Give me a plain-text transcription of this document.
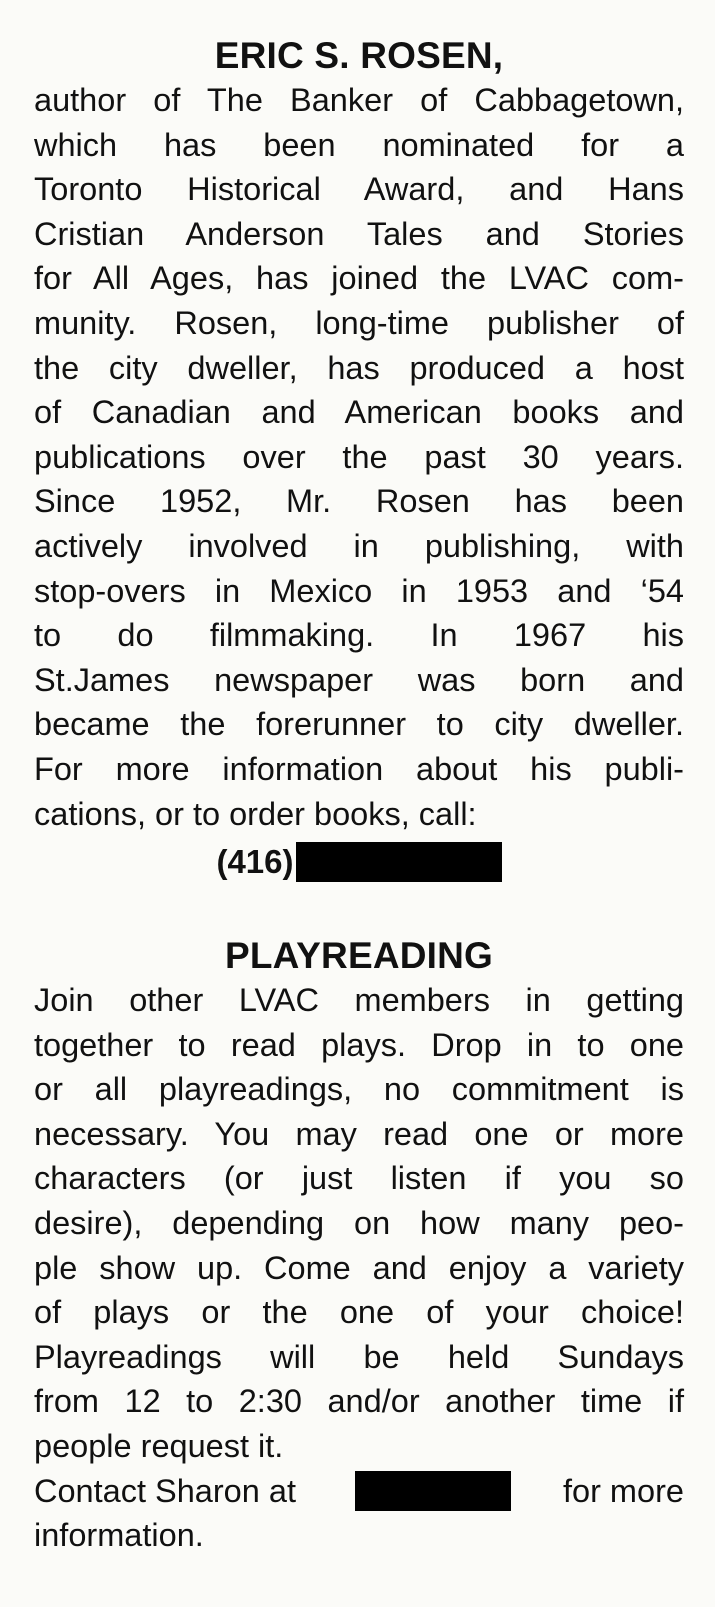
ERIC S. ROSEN,
author of The Banker of Cabbagetown,
which has been nominated for a
Toronto Historical Award, and Hans
Cristian Anderson Tales and Stories
for All Ages, has joined the LVAC com-
munity. Rosen, long-time publisher of
the city dweller, has produced a host
of Canadian and American books and
publications over the past 30 years.
Since 1952, Mr. Rosen has been
actively involved in publishing, with
stop-overs in Mexico in 1953 and ‘54
to do filmmaking. In 1967 his
St.James newspaper was born and
became the forerunner to city dweller.
For more information about his publi-
cations, or to order books, call:
(416)
PLAYREADING
Join other LVAC members in getting
together to read plays. Drop in to one
or all playreadings, no commitment is
necessary. You may read one or more
characters (or just listen if you so
desire), depending on how many peo-
ple show up. Come and enjoy a variety
of plays or the one of your choice!
Playreadings will be held Sundays
from 12 to 2:30 and/or another time if
people request it.
Contact Sharon at	for more
information.
